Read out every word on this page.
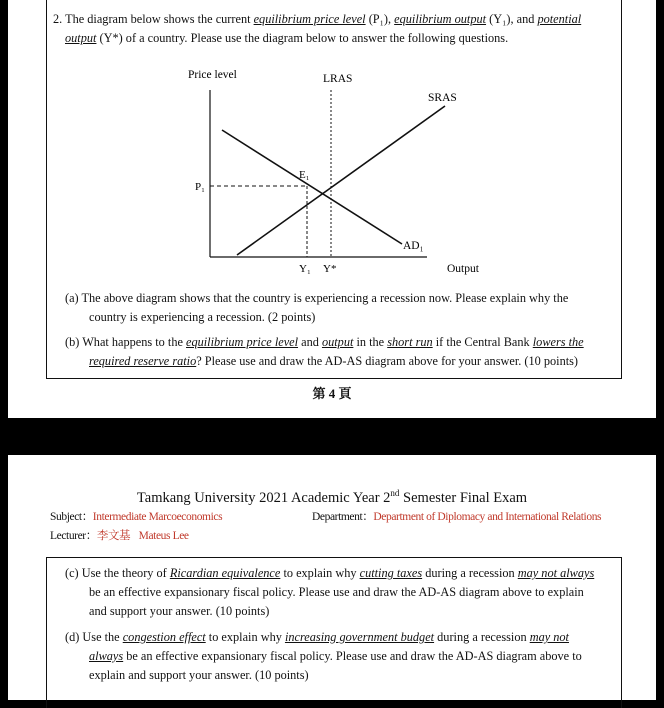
2. The diagram below shows the current equilibrium price level (P₁), equilibrium output (Y₁), and potential
output (Y*) of a country. Please use the diagram below to answer the following questions.
Price level	LRAS
SRAS
E₁
P₁
AD₁
Y₁ Y*	Output
(a) The above diagram shows that the country is experiencing a recession now. Please explain why the
country is experiencing a recession. (2 points)
(b) What happens to the equilibrium price level and output in the short run if the Central Bank lowers the
required reserve ratio? Please use and draw the AD-AS diagram above for your answer. (10 points)
第 4 頁
Tamkang University 2021 Academic Year 2nd Semester Final Exam
Subject：Intermediate Marcoeconomics	Department：Department of Diplomacy and International Relations
Lecturer：李文基 Mateus Lee
(c) Use the theory of Ricardian equivalence to explain why cutting taxes during a recession may not always
be an effective expansionary fiscal policy. Please use and draw the AD-AS diagram above to explain
and support your answer. (10 points)
(d) Use the congestion effect to explain why increasing government budget during a recession may not
always be an effective expansionary fiscal policy. Please use and draw the AD-AS diagram above to
explain and support your answer. (10 points)
